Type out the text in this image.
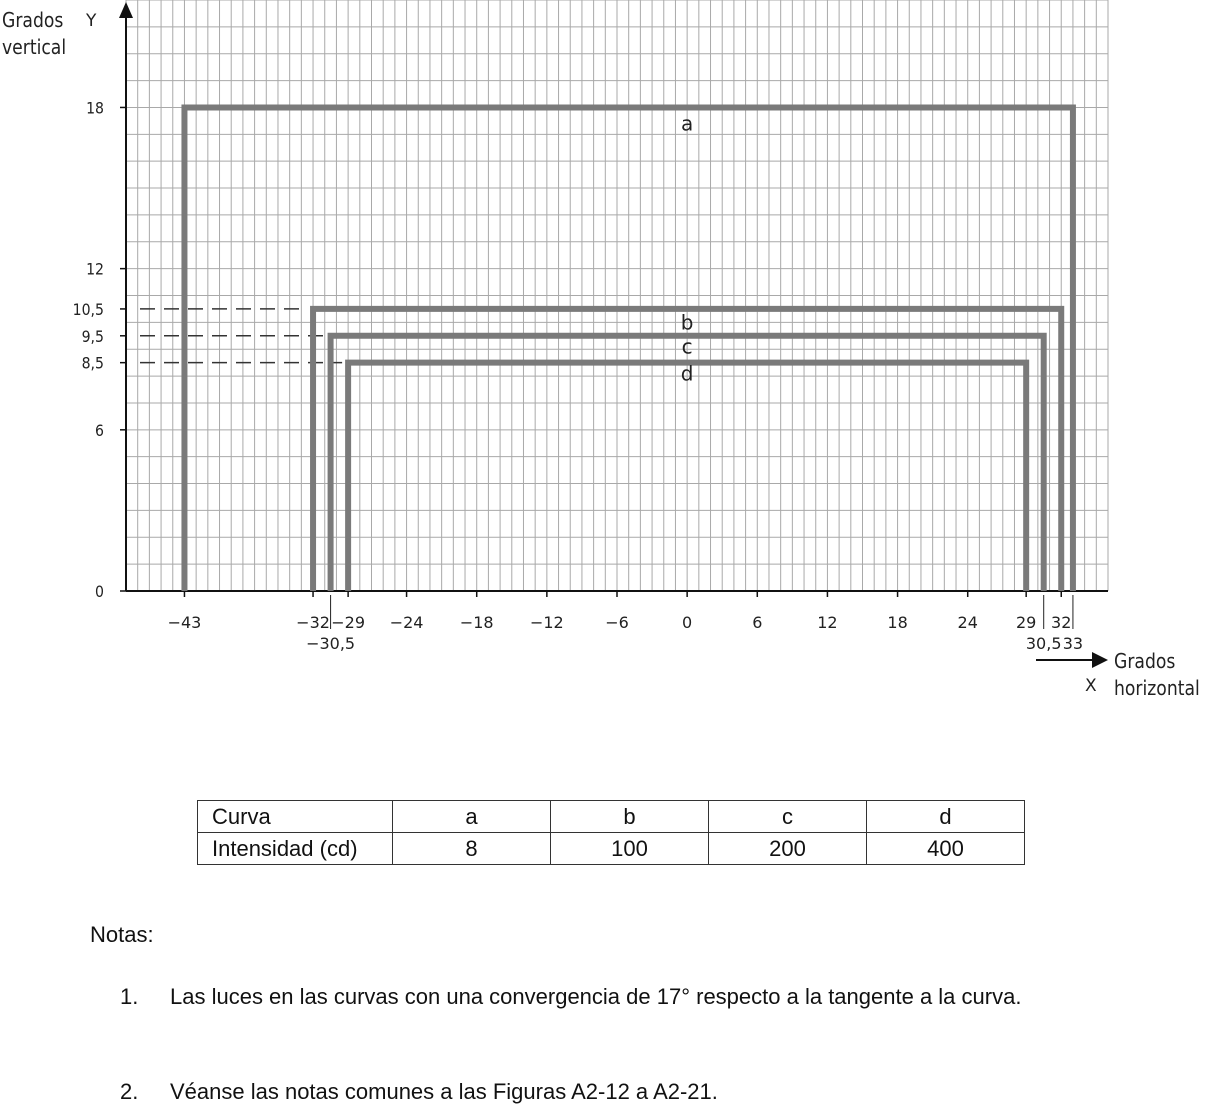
Y
X
0
6
8,5
9,5
10,5
12
18
−43	−32
−30,5
−29 −24 −18 −12	−6	0	6	12	18	24 29
30,5
32
33
a
b
c
d
Grados
vertical
Grados
horizontal
Curva	a	b	c	d
Intensidad (cd)	8	100	200	400
Notas:
1. Las luces en las curvas con una convergencia de 17° respecto a la tangente a la curva.
2. Véanse las notas comunes a las Figuras A2-12 a A2-21.
